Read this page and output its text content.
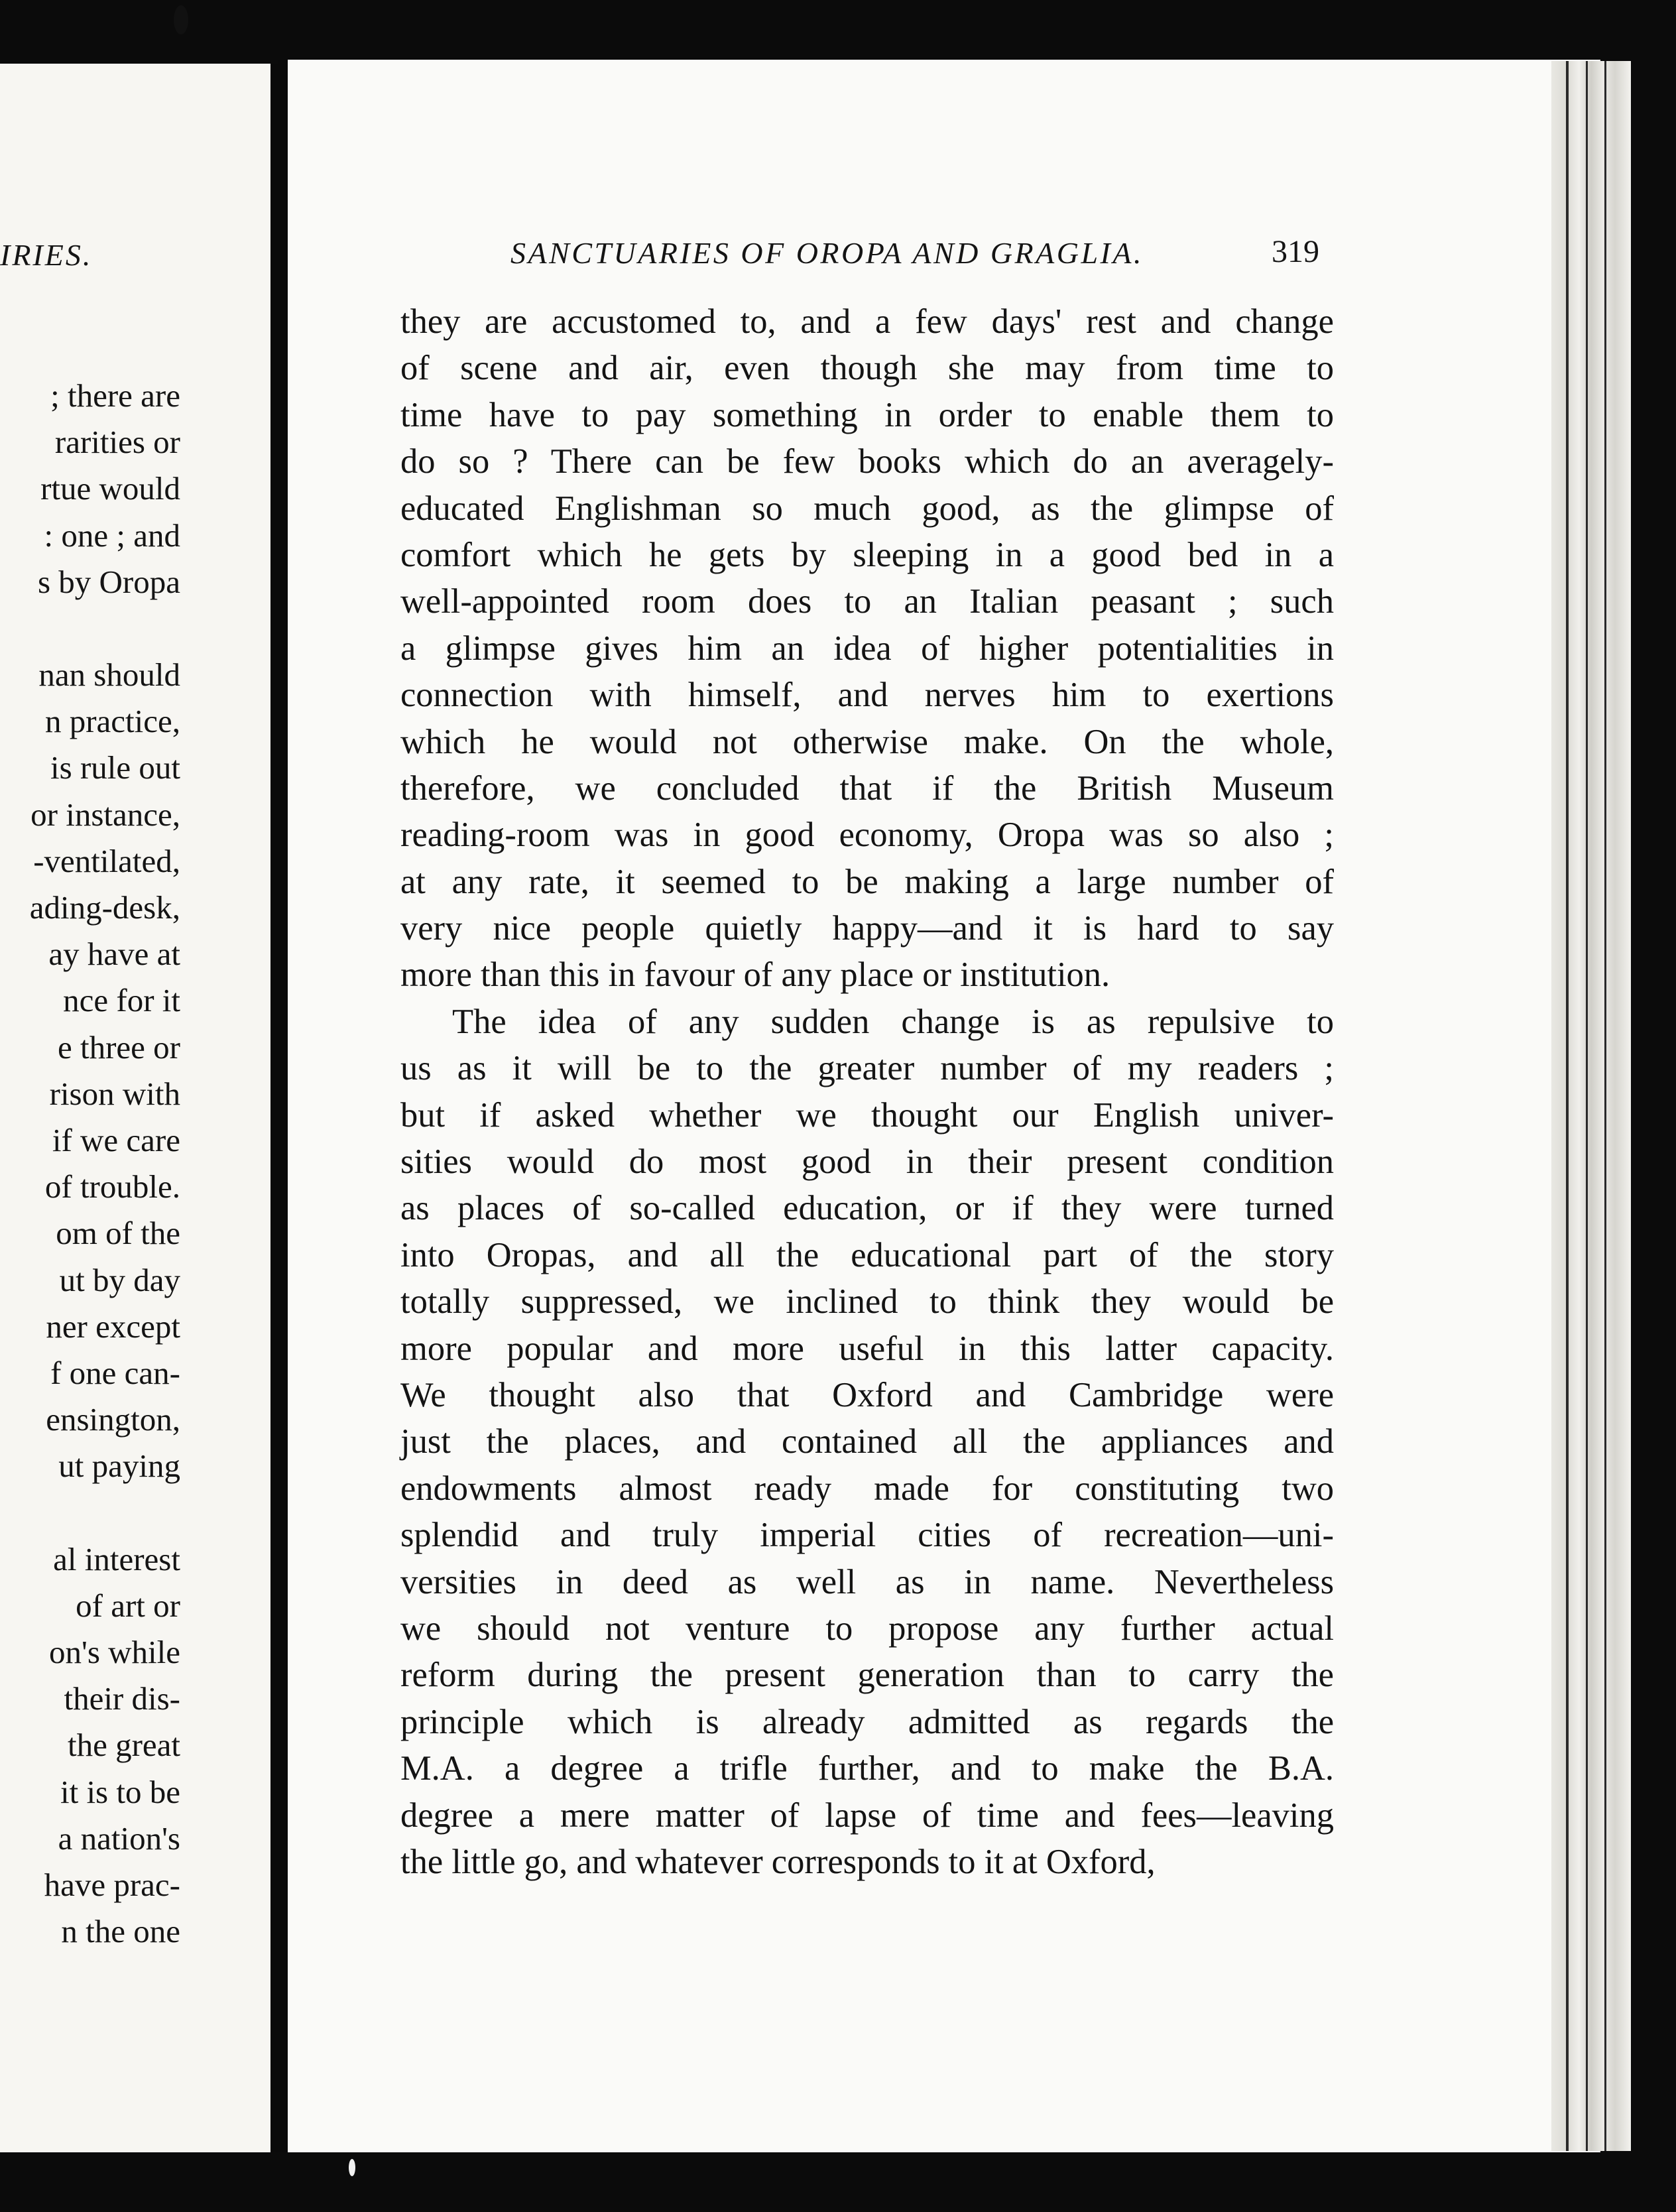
IRIES.
; there are
rarities or
rtue would
: one ; and
s by Oropa
nan should
n practice,
is rule out
or instance,
-ventilated,
ading-desk,
ay have at
nce for it
e three or
rison with
if we care
of trouble.
om of the
ut by day
ner except
f one can-
ensington,
ut paying
al interest
of art or
on's while
their dis-
the great
it is to be
a nation's
have prac-
n the one
SANCTUARIES OF OROPA AND GRAGLIA.	319
they are accustomed to, and a few days' rest and change
of scene and air, even though she may from time to
time have to pay something in order to enable them to
do so ? There can be few books which do an averagely-
educated Englishman so much good, as the glimpse of
comfort which he gets by sleeping in a good bed in a
well-appointed room does to an Italian peasant ; such
a glimpse gives him an idea of higher potentialities in
connection with himself, and nerves him to exertions
which he would not otherwise make. On the whole,
therefore, we concluded that if the British Museum
reading-room was in good economy, Oropa was so also ;
at any rate, it seemed to be making a large number of
very nice people quietly happy—and it is hard to say
more than this in favour of any place or institution.
The idea of any sudden change is as repulsive to
us as it will be to the greater number of my readers ;
but if asked whether we thought our English univer-
sities would do most good in their present condition
as places of so-called education, or if they were turned
into Oropas, and all the educational part of the story
totally suppressed, we inclined to think they would be
more popular and more useful in this latter capacity.
We thought also that Oxford and Cambridge were
just the places, and contained all the appliances and
endowments almost ready made for constituting two
splendid and truly imperial cities of recreation—uni-
versities in deed as well as in name. Nevertheless
we should not venture to propose any further actual
reform during the present generation than to carry the
principle which is already admitted as regards the
M.A. a degree a trifle further, and to make the B.A.
degree a mere matter of lapse of time and fees—leaving
the little go, and whatever corresponds to it at Oxford,
